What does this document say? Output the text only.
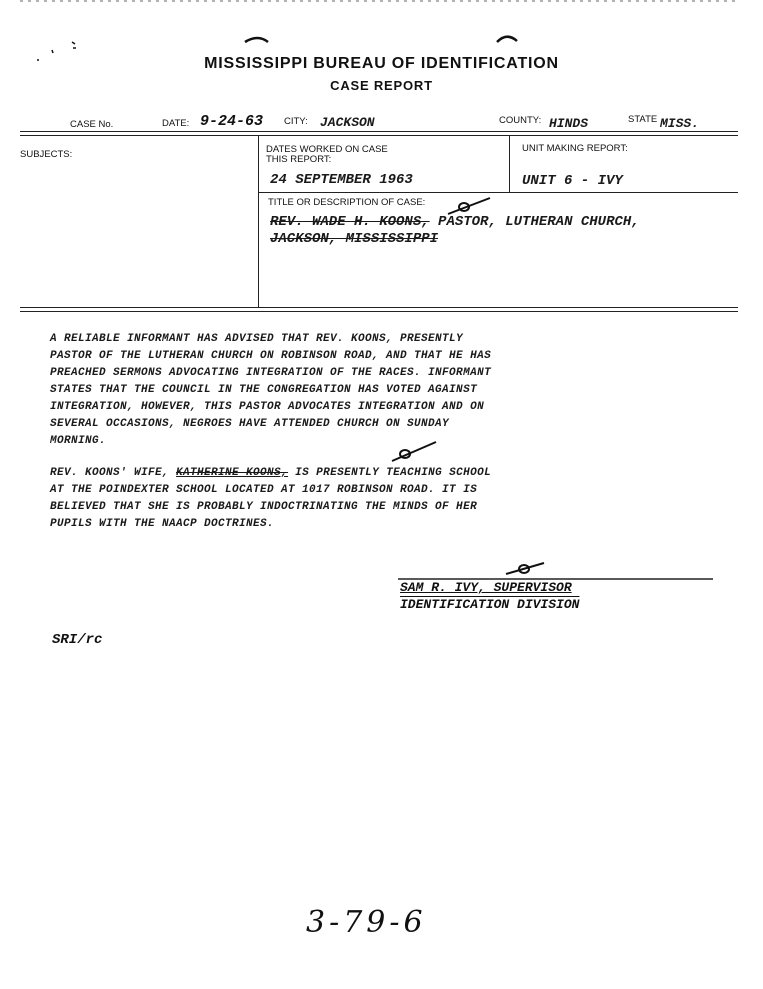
MISSISSIPPI BUREAU OF IDENTIFICATION
CASE REPORT
CASE No.	DATE: 9-24-63 CITY: JACKSON	COUNTY: HINDS	STATE MISS.
SUBJECTS:	DATES WORKED ON CASE
THIS REPORT:
24 SEPTEMBER 1963
UNIT MAKING REPORT:
UNIT 6 - IVY
TITLE OR DESCRIPTION OF CASE:
REV. WADE H. KOONS, PASTOR, LUTHERAN CHURCH,
JACKSON, MISSISSIPPI
A RELIABLE INFORMANT HAS ADVISED THAT REV. KOONS, PRESENTLY
PASTOR OF THE LUTHERAN CHURCH ON ROBINSON ROAD, AND THAT HE HAS
PREACHED SERMONS ADVOCATING INTEGRATION OF THE RACES. INFORMANT
STATES THAT THE COUNCIL IN THE CONGREGATION HAS VOTED AGAINST
INTEGRATION, HOWEVER, THIS PASTOR ADVOCATES INTEGRATION AND ON
SEVERAL OCCASIONS, NEGROES HAVE ATTENDED CHURCH ON SUNDAY
MORNING.
REV. KOONS' WIFE, KATHERINE KOONS, IS PRESENTLY TEACHING SCHOOL
AT THE POINDEXTER SCHOOL LOCATED AT 1017 ROBINSON ROAD. IT IS
BELIEVED THAT SHE IS PROBABLY INDOCTRINATING THE MINDS OF HER
PUPILS WITH THE NAACP DOCTRINES.
SAM R. IVY, SUPERVISOR
IDENTIFICATION DIVISION
SRI/rc
3-79-6
